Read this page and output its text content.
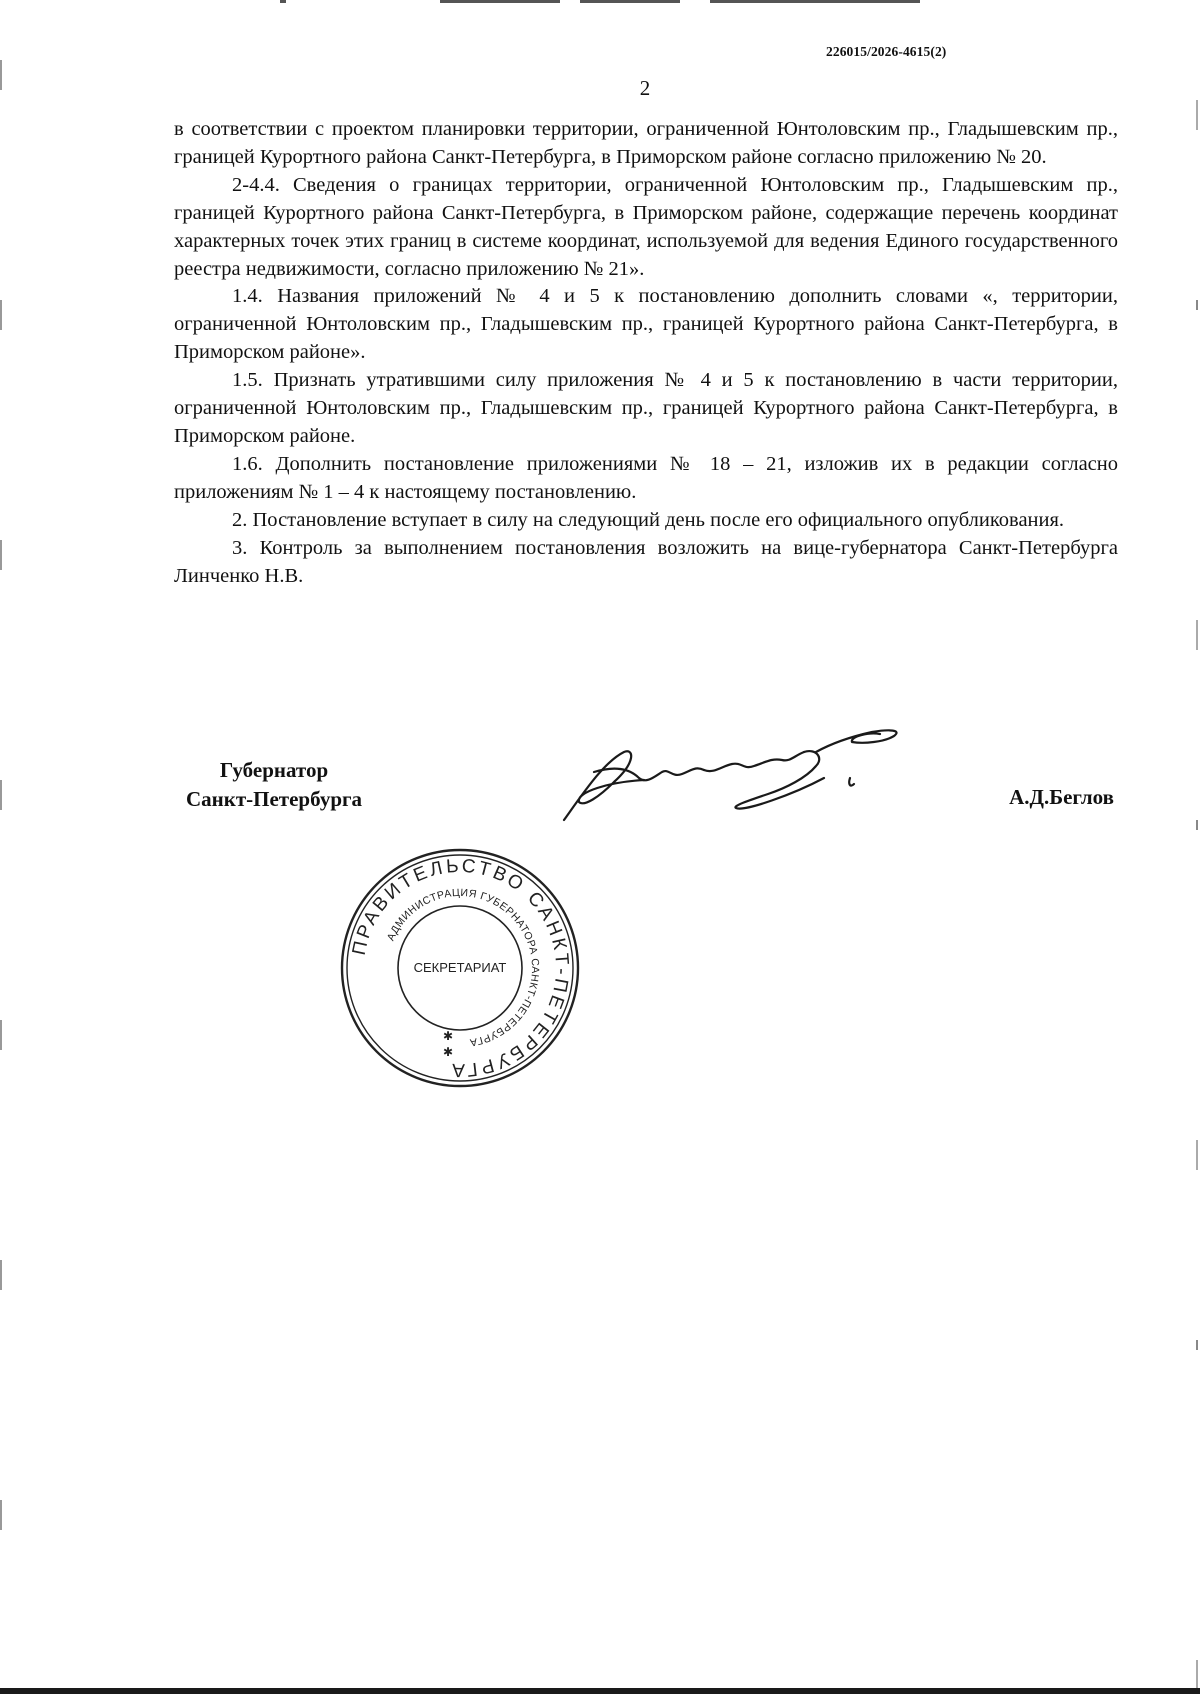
226015/2026-4615(2)
2

в соответствии с проектом планировки территории, ограниченной Юнтоловским пр., Гладышевским пр., границей Курортного района Санкт-Петербурга, в Приморском районе согласно приложению № 20.

2-4.4. Сведения о границах территории, ограниченной Юнтоловским пр., Гладышевским пр., границей Курортного района Санкт-Петербурга, в Приморском районе, содержащие перечень координат характерных точек этих границ в системе координат, используемой для ведения Единого государственного реестра недвижимости, согласно приложению № 21».

1.4. Названия приложений № 4 и 5 к постановлению дополнить словами «, территории, ограниченной Юнтоловским пр., Гладышевским пр., границей Курортного района Санкт-Петербурга, в Приморском районе».

1.5. Признать утратившими силу приложения № 4 и 5 к постановлению в части территории, ограниченной Юнтоловским пр., Гладышевским пр., границей Курортного района Санкт-Петербурга, в Приморском районе.

1.6. Дополнить постановление приложениями № 18 – 21, изложив их в редакции согласно приложениям № 1 – 4 к настоящему постановлению.

2. Постановление вступает в силу на следующий день после его официального опубликования.

3. Контроль за выполнением постановления возложить на вице-губернатора Санкт-Петербурга Линченко Н.В.

Губернатор
Санкт-Петербурга	А.Д.Беглов
ПРАВИТЕЛЬСТВО САНКТ-ПЕТЕРБУРГА
АДМИНИСТРАЦИЯ ГУБЕРНАТОРА САНКТ-ПЕТЕРБУРГА
СЕКРЕТАРИАТ
✱
✱
